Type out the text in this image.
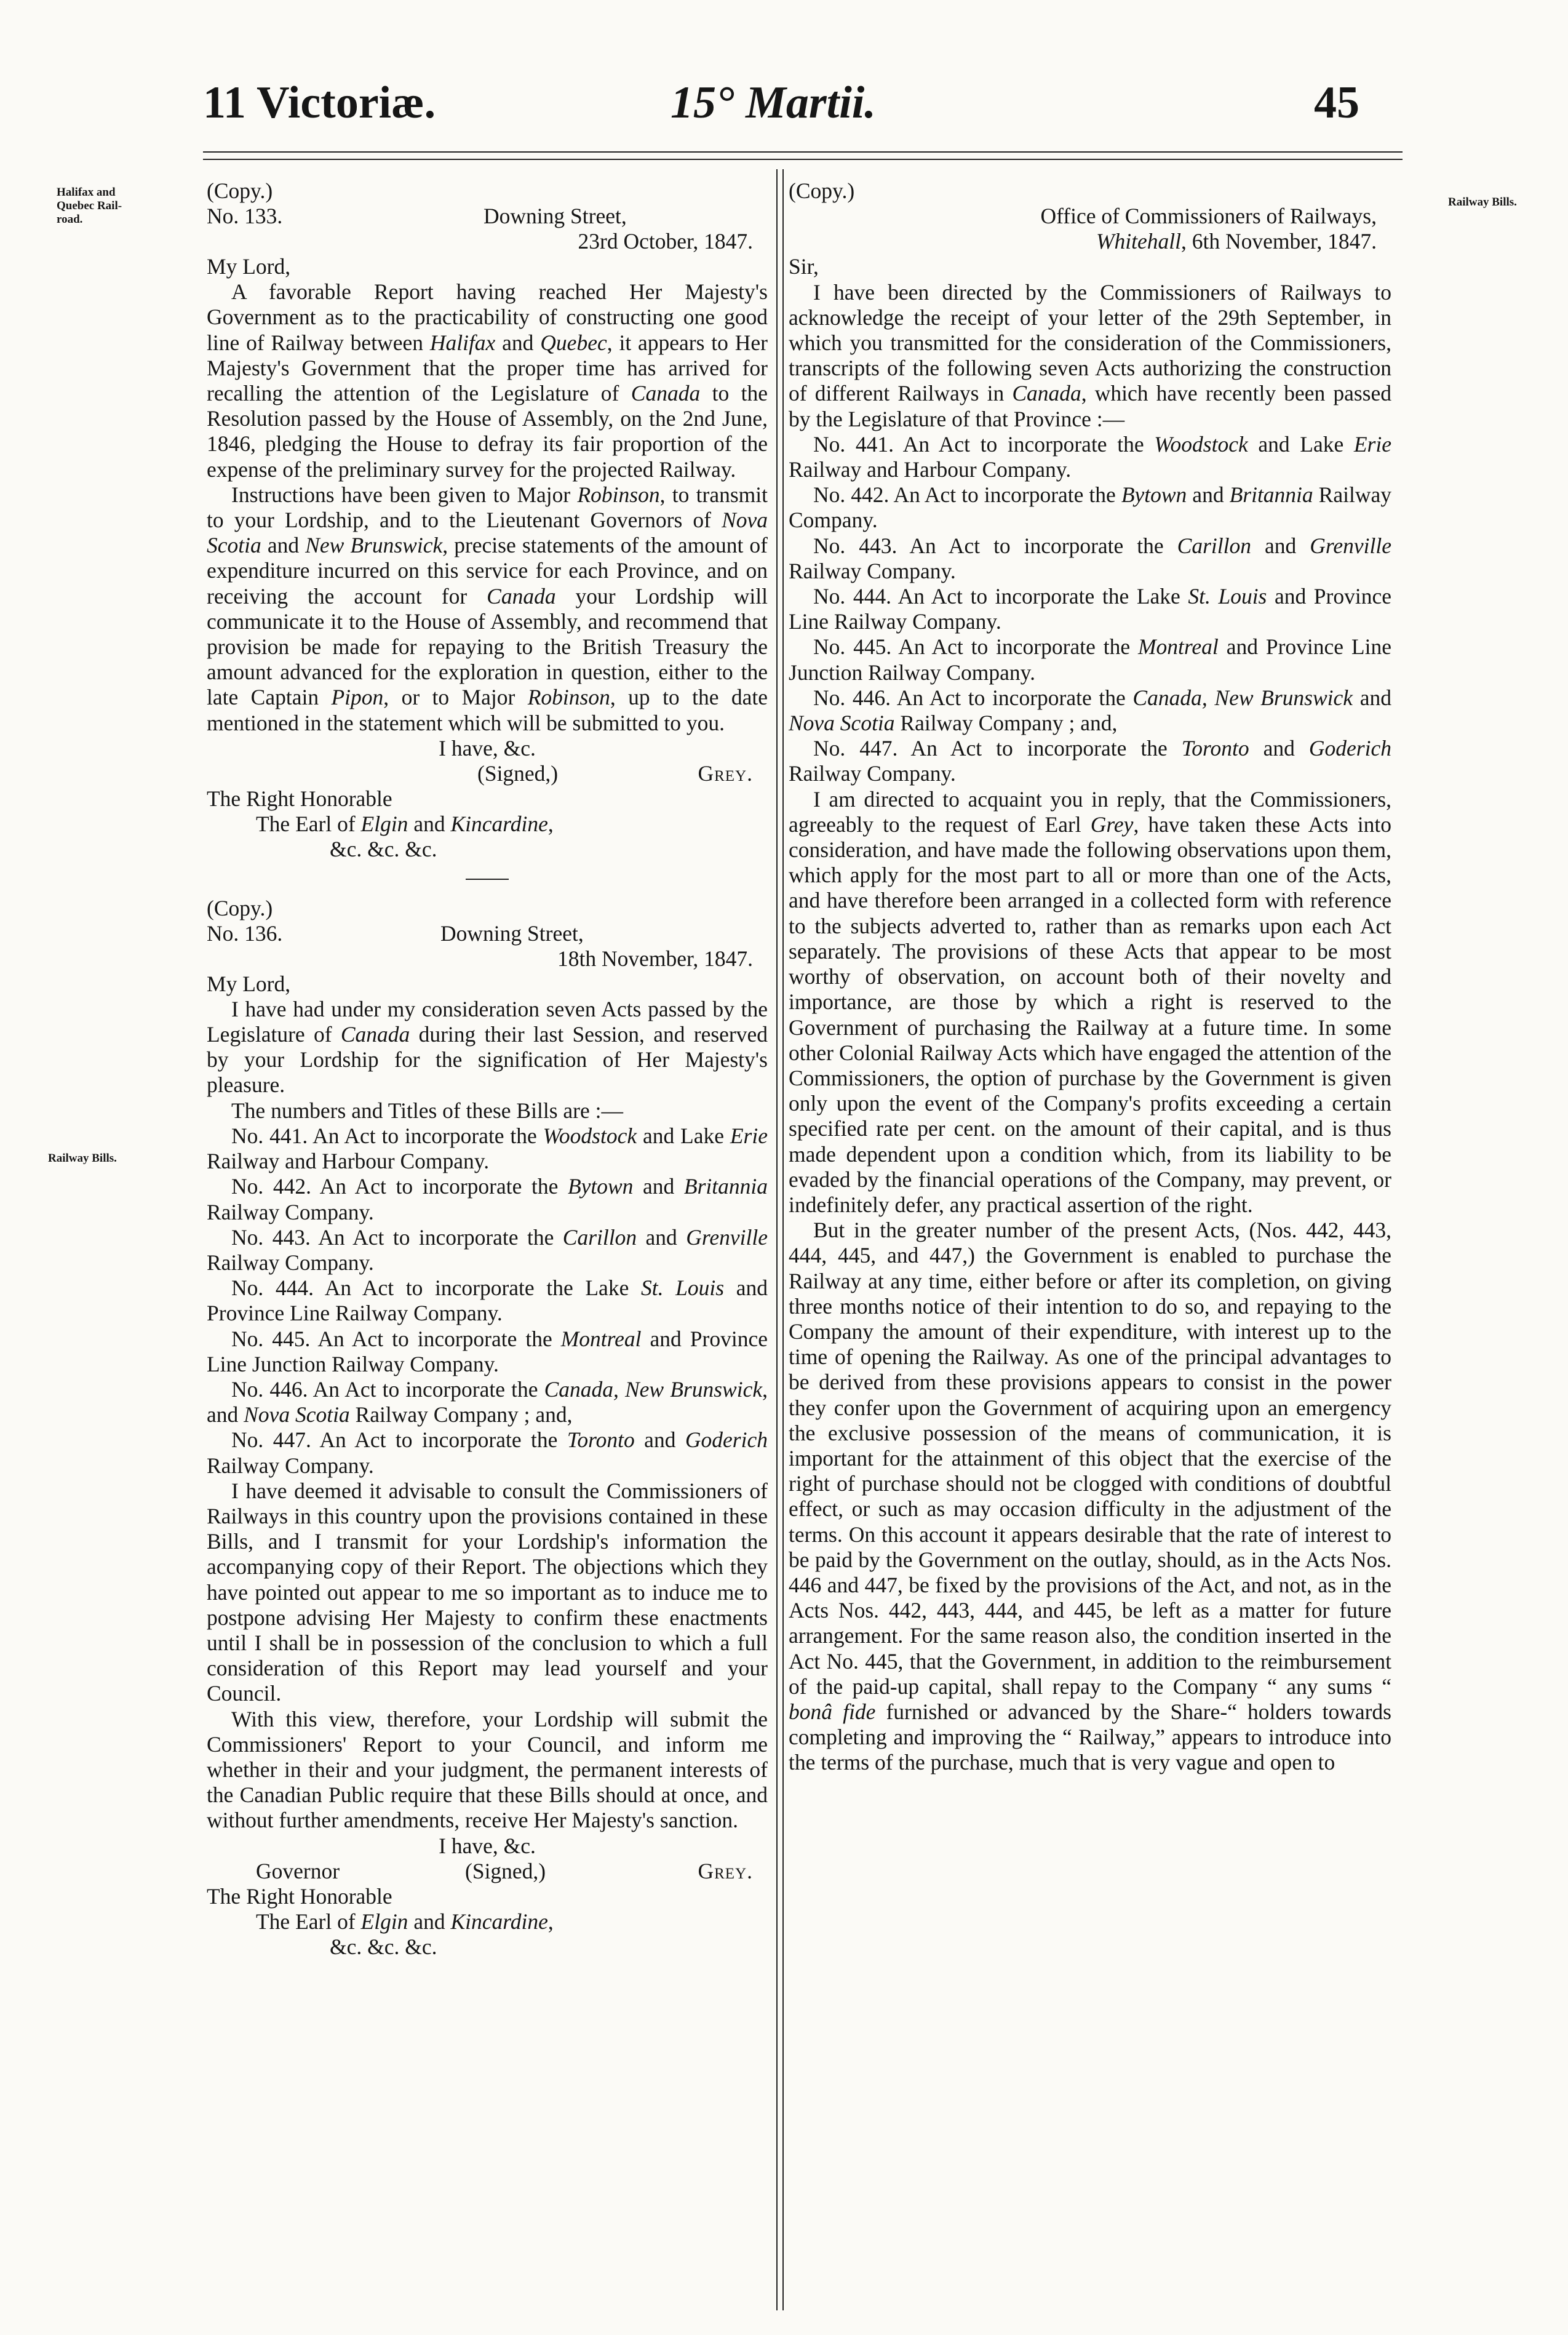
11 Victoriæ.	15° Martii.	45
Halifax and
Quebec Rail-
road.
Railway Bills.
Railway Bills.
(Copy.)
No. 133.	Downing Street,
23rd October, 1847.

My Lord,

A favorable Report having reached Her Majesty's Government as to the practicability of constructing one good line of Railway between Halifax and Quebec, it appears to Her Majesty's Government that the proper time has arrived for recalling the attention of the Legislature of Canada to the Resolution passed by the House of Assembly, on the 2nd June, 1846, pledging the House to defray its fair proportion of the expense of the preliminary survey for the projected Railway.

Instructions have been given to Major Robinson, to transmit to your Lordship, and to the Lieutenant Governors of Nova Scotia and New Brunswick, precise statements of the amount of expenditure incurred on this service for each Province, and on receiving the account for Canada your Lordship will communicate it to the House of Assembly, and recommend that provision be made for repaying to the British Treasury the amount advanced for the exploration in question, either to the late Captain Pipon, or to Major Robinson, up to the date mentioned in the statement which will be submitted to you.

I have, &c.

(Signed,)	Grey.

The Right Honorable

The Earl of Elgin and Kincardine,

&c. &c. &c.

(Copy.)
No. 136.	Downing Street,
18th November, 1847.

My Lord,

I have had under my consideration seven Acts passed by the Legislature of Canada during their last Session, and reserved by your Lordship for the signification of Her Majesty's pleasure.

The numbers and Titles of these Bills are :—

No. 441. An Act to incorporate the Woodstock and Lake Erie Railway and Harbour Company.

No. 442. An Act to incorporate the Bytown and Britannia Railway Company.

No. 443. An Act to incorporate the Carillon and Grenville Railway Company.

No. 444. An Act to incorporate the Lake St. Louis and Province Line Railway Company.

No. 445. An Act to incorporate the Montreal and Province Line Junction Railway Company.

No. 446. An Act to incorporate the Canada, New Brunswick, and Nova Scotia Railway Company ; and,

No. 447. An Act to incorporate the Toronto and Goderich Railway Company.

I have deemed it advisable to consult the Commissioners of Railways in this country upon the provisions contained in these Bills, and I transmit for your Lordship's information the accompanying copy of their Report. The objections which they have pointed out appear to me so important as to induce me to postpone advising Her Majesty to confirm these enactments until I shall be in possession of the conclusion to which a full consideration of this Report may lead yourself and your Council.

With this view, therefore, your Lordship will submit the Commissioners' Report to your Council, and inform me whether in their and your judgment, the permanent interests of the Canadian Public require that these Bills should at once, and without further amendments, receive Her Majesty's sanction.

I have, &c.

Governor	(Signed,)	Grey.

The Right Honorable

The Earl of Elgin and Kincardine,

&c. &c. &c.

(Copy.)

Office of Commissioners of Railways,

Whitehall, 6th November, 1847.

Sir,

I have been directed by the Commissioners of Railways to acknowledge the receipt of your letter of the 29th September, in which you transmitted for the consideration of the Commissioners, transcripts of the following seven Acts authorizing the construction of different Railways in Canada, which have recently been passed by the Legislature of that Province :—

No. 441. An Act to incorporate the Woodstock and Lake Erie Railway and Harbour Company.

No. 442. An Act to incorporate the Bytown and Britannia Railway Company.

No. 443. An Act to incorporate the Carillon and Grenville Railway Company.

No. 444. An Act to incorporate the Lake St. Louis and Province Line Railway Company.

No. 445. An Act to incorporate the Montreal and Province Line Junction Railway Company.

No. 446. An Act to incorporate the Canada, New Brunswick and Nova Scotia Railway Company ; and,

No. 447. An Act to incorporate the Toronto and Goderich Railway Company.

I am directed to acquaint you in reply, that the Commissioners, agreeably to the request of Earl Grey, have taken these Acts into consideration, and have made the following observations upon them, which apply for the most part to all or more than one of the Acts, and have therefore been arranged in a collected form with reference to the subjects adverted to, rather than as remarks upon each Act separately. The provisions of these Acts that appear to be most worthy of observation, on account both of their novelty and importance, are those by which a right is reserved to the Government of purchasing the Railway at a future time. In some other Colonial Railway Acts which have engaged the attention of the Commissioners, the option of purchase by the Government is given only upon the event of the Company's profits exceeding a certain specified rate per cent. on the amount of their capital, and is thus made dependent upon a condition which, from its liability to be evaded by the financial operations of the Company, may prevent, or indefinitely defer, any practical assertion of the right.

But in the greater number of the present Acts, (Nos. 442, 443, 444, 445, and 447,) the Government is enabled to purchase the Railway at any time, either before or after its completion, on giving three months notice of their intention to do so, and repaying to the Company the amount of their expenditure, with interest up to the time of opening the Railway. As one of the principal advantages to be derived from these provisions appears to consist in the power they confer upon the Government of acquiring upon an emergency the exclusive possession of the means of communication, it is important for the attainment of this object that the exercise of the right of purchase should not be clogged with conditions of doubtful effect, or such as may occasion difficulty in the adjustment of the terms. On this account it appears desirable that the rate of interest to be paid by the Government on the outlay, should, as in the Acts Nos. 446 and 447, be fixed by the provisions of the Act, and not, as in the Acts Nos. 442, 443, 444, and 445, be left as a matter for future arrangement. For the same reason also, the condition inserted in the Act No. 445, that the Government, in addition to the reimbursement of the paid-up capital, shall repay to the Company “ any sums “ bonâ fide furnished or advanced by the Share-“ holders towards completing and improving the “ Railway,” appears to introduce into the terms of the purchase, much that is very vague and open to
